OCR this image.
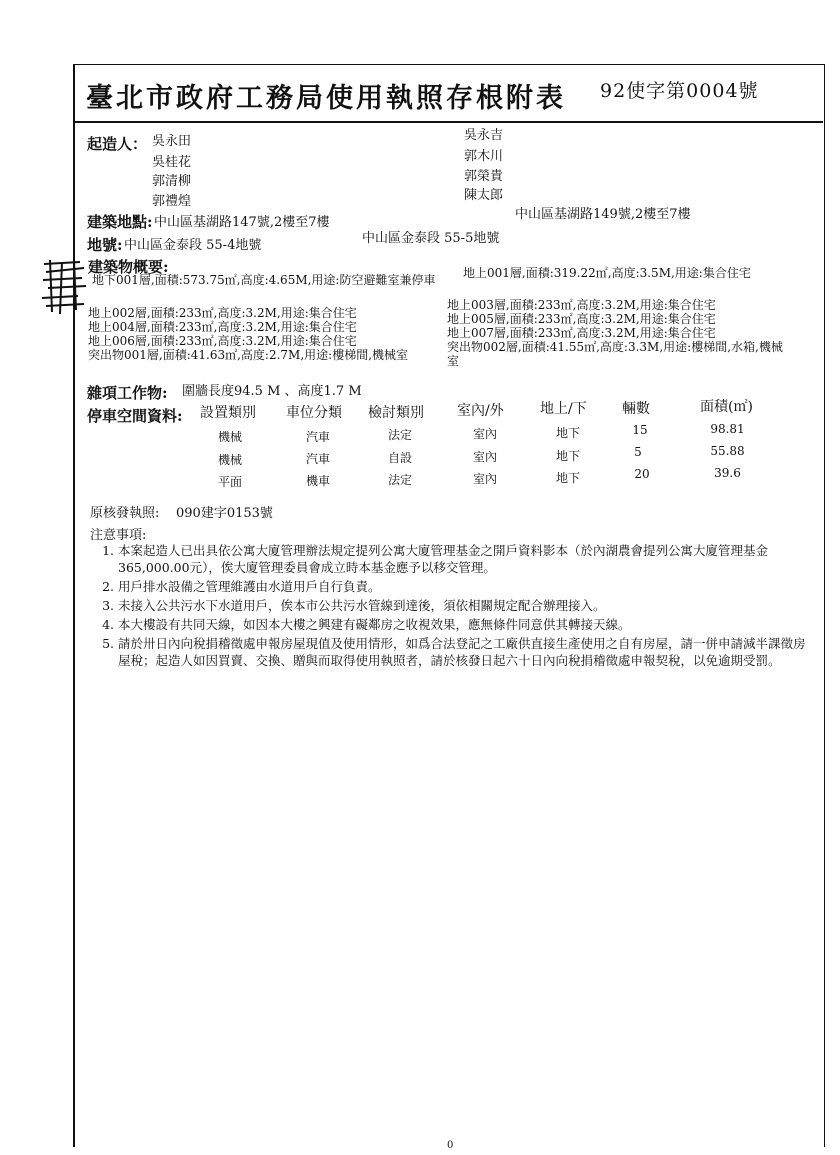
臺北市政府工務局使用執照存根附表 92使字第0004號
起造人： 吳永田
吳桂花
郭清柳
郭禮煌
吳永吉
郭木川
郭榮貴
陳太郎
建築地點: 中山區基湖路147號,2樓至7樓
中山區基湖路149號,2樓至7樓
地號: 中山區金泰段 55-4地號	中山區金泰段 55-5地號
建築物概要:
地下001層,面積:573.75㎡,高度:4.65M,用途:防空避難室兼停車 地上001層,面積:319.22㎡,高度:3.5M,用途:集合住宅
地上002層,面積:233㎡,高度:3.2M,用途:集合住宅
地上004層,面積:233㎡,高度:3.2M,用途:集合住宅
地上006層,面積:233㎡,高度:3.2M,用途:集合住宅
突出物001層,面積:41.63㎡,高度:2.7M,用途:樓梯間,機械室
地上003層,面積:233㎡,高度:3.2M,用途:集合住宅
地上005層,面積:233㎡,高度:3.2M,用途:集合住宅
地上007層,面積:233㎡,高度:3.2M,用途:集合住宅
突出物002層,面積:41.55㎡,高度:3.3M,用途:樓梯間,水箱,機械
室
雜項工作物: 圍牆長度94.5 M 、高度1.7 M
停車空間資料: 設置類別 車位分類 檢討類別 室內/外	地上/下	輛數	面積(㎡)
機械	汽車	法定	室內	地下	15	98.81
機械	汽車	自設	室內	地下	5	55.88
平面	機車	法定	室內	地下	20	39.6
原核發執照: 090建字0153號
注意事項:
1. 本案起造人已出具依公寓大廈管理辦法規定提列公寓大廈管理基金之開戶資料影本（於內湖農會提列公寓大廈管理基金365,000.00元），俟大廈管理委員會成立時本基金應予以移交管理。
2. 用戶排水設備之管理維護由水道用戶自行負責。
3. 未接入公共污水下水道用戶，俟本市公共污水管線到達後，須依相關規定配合辦理接入。
4. 本大樓設有共同天線，如因本大樓之興建有礙鄰房之收視效果，應無條件同意供其轉接天線。
5. 請於卅日內向稅捐稽徵處申報房屋現值及使用情形，如爲合法登記之工廠供直接生產使用之自有房屋，請一併申請減半課徵房屋稅；起造人如因買賣、交換、贈與而取得使用執照者，請於核發日起六十日內向稅捐稽徵處申報契稅，以免逾期受罰。
0
